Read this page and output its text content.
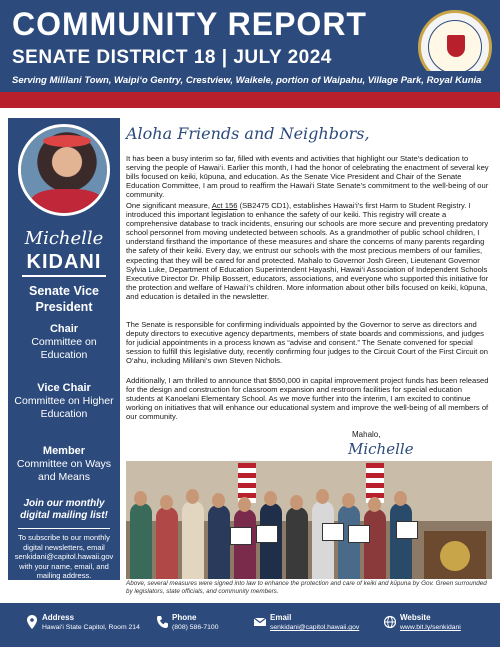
COMMUNITY REPORT
SENATE DISTRICT 18 | JULY 2024
Serving Mililani Town, Waipi‘o Gentry, Crestview, Waikele, portion of Waipahu, Village Park, Royal Kunia
Michelle
KIDANI
Senate Vice President
Chair
Committee on Education
Vice Chair
Committee on Higher Education
Member
Committee on Ways and Means
Join our monthly digital mailing list!
To subscribe to our monthly digital newsletters, email senkidani@capitol.hawaii.gov with your name, email, and mailing address.
Aloha Friends and Neighbors,
It has been a busy interim so far, filled with events and activities that highlight our State’s dedication to serving the people of Hawai‘i. Earlier this month, I had the honor of celebrating the enactment of several key bills focused on keiki, kūpuna, and education. As the Senate Vice President and Chair of the Senate Education Committee, I am proud to reaffirm the Hawai‘i State Senate’s commitment to the well-being of our community.
One significant measure, Act 156 (SB2475 CD1), establishes Hawai‘i’s first Harm to Student Registry. I introduced this important legislation to enhance the safety of our keiki. This registry will create a comprehensive database to track incidents, ensuring our schools are more secure and preventing predatory school personnel from moving undetected between schools. As a grandmother of public school children, I understand firsthand the importance of these measures and share the concerns of many parents regarding the safety of their keiki. Every day, we entrust our schools with the most precious members of our families, expecting that they will be cared for and protected. Mahalo to Governor Josh Green, Lieutenant Governor Sylvia Luke, Department of Education Superintendent Hayashi, Hawai‘i Association of Independent Schools Executive Director Dr. Philip Bossert, educators, associations, and everyone who supported this initiative for the protection and welfare of Hawai‘i’s children. More information about other bills focused on keiki, kūpuna, and education is detailed in the newsletter.
The Senate is responsible for confirming individuals appointed by the Governor to serve as directors and deputy directors to executive agency departments, members of state boards and commissions, and judges for judicial appointments in a process known as “advise and consent.” The Senate convened for special session to fulfill this legislative duty, recently confirming four judges to the Circuit Court of the First Circuit on O‘ahu, including Mililani’s own Steven Nichols.
Additionally, I am thrilled to announce that $550,000 in capital improvement project funds has been released for the design and construction for classroom expansion and restroom facilities for special education students at Kanoelani Elementary School. As we move further into the interim, I am excited to continue working on initiatives that will enhance our educational system and improve the well-being of all members of our community.
Mahalo,
Michelle
Above, several measures were signed into law to enhance the protection and care of keiki and kūpuna by Gov. Green surrounded by legislators, state officials, and community members.
Address
Hawai‘i State Capitol, Room 214
Phone
(808) 586-7100
Email
senkidani@capitol.hawaii.gov
Website
www.bit.ly/senkidani
